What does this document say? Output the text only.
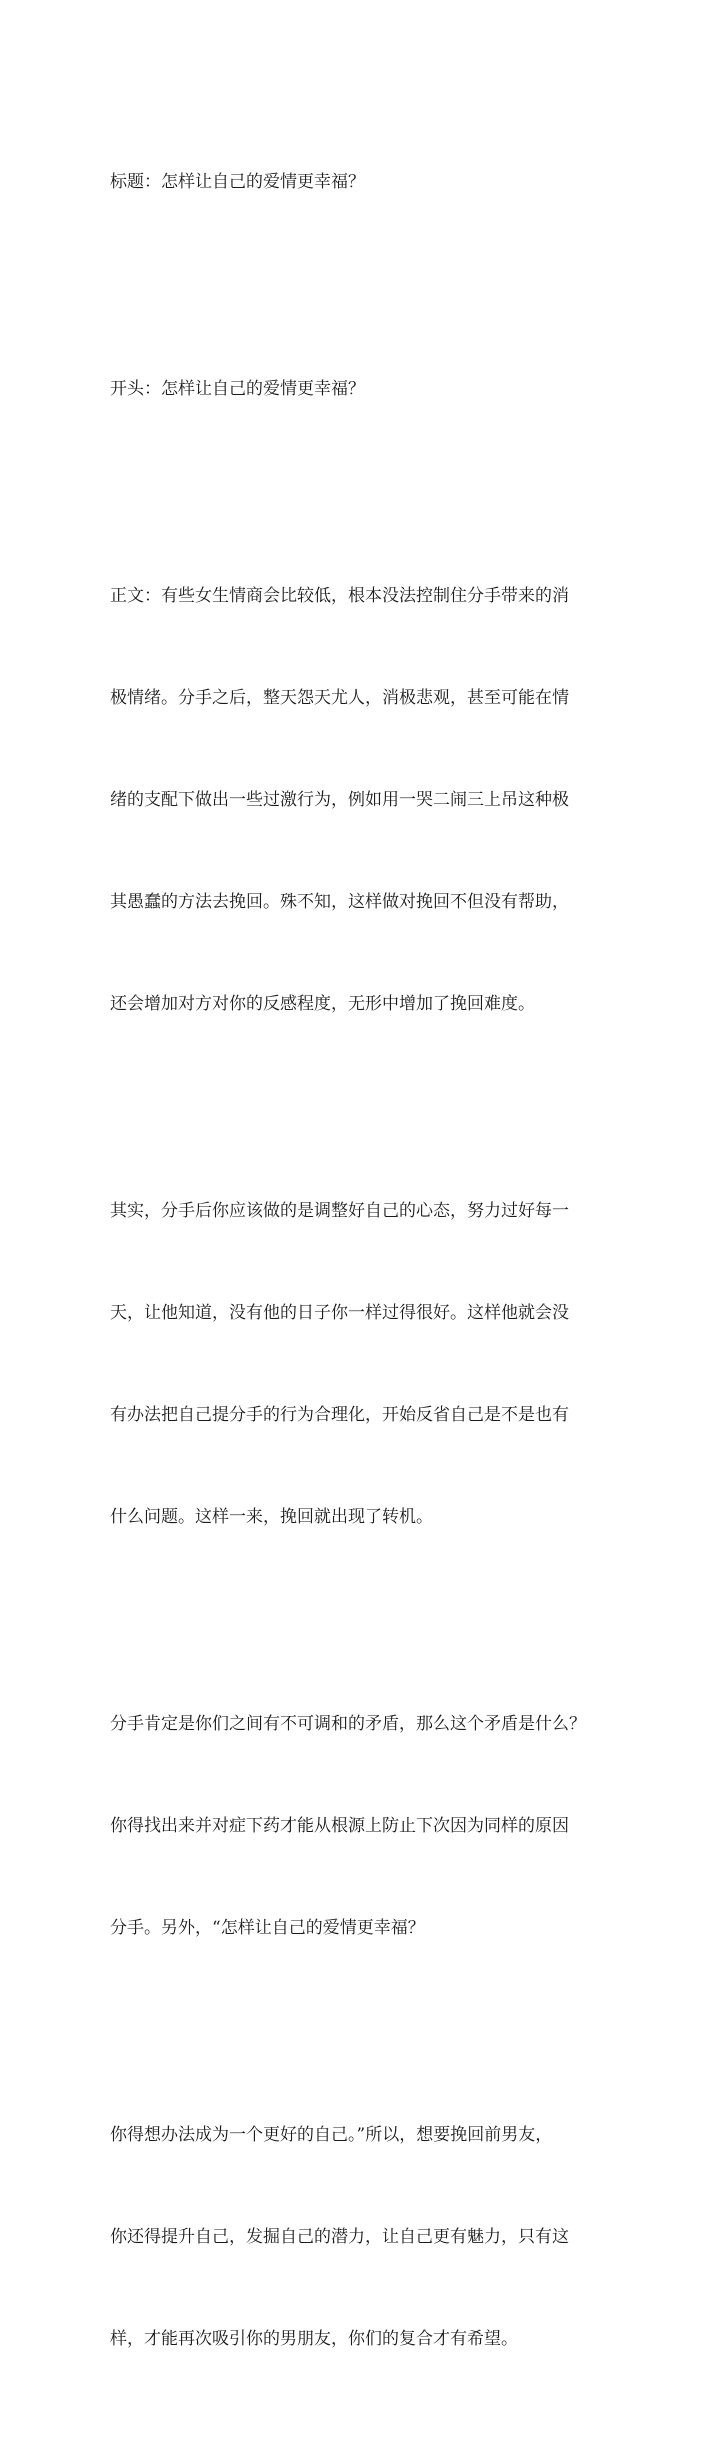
标题：怎样让自己的爱情更幸福？

开头：怎样让自己的爱情更幸福？

正文：有些女生情商会比较低，根本没法控制住分手带来的消

极情绪。分手之后，整天怨天尤人，消极悲观，甚至可能在情

绪的支配下做出一些过激行为，例如用一哭二闹三上吊这种极

其愚蠢的方法去挽回。殊不知，这样做对挽回不但没有帮助，

还会增加对方对你的反感程度，无形中增加了挽回难度。

其实，分手后你应该做的是调整好自己的心态，努力过好每一

天，让他知道，没有他的日子你一样过得很好。这样他就会没

有办法把自己提分手的行为合理化，开始反省自己是不是也有

什么问题。这样一来，挽回就出现了转机。

分手肯定是你们之间有不可调和的矛盾，那么这个矛盾是什么？

你得找出来并对症下药才能从根源上防止下次因为同样的原因

分手。另外，“怎样让自己的爱情更幸福？

你得想办法成为一个更好的自己。”所以，想要挽回前男友，

你还得提升自己，发掘自己的潜力，让自己更有魅力，只有这

样，才能再次吸引你的男朋友，你们的复合才有希望。
